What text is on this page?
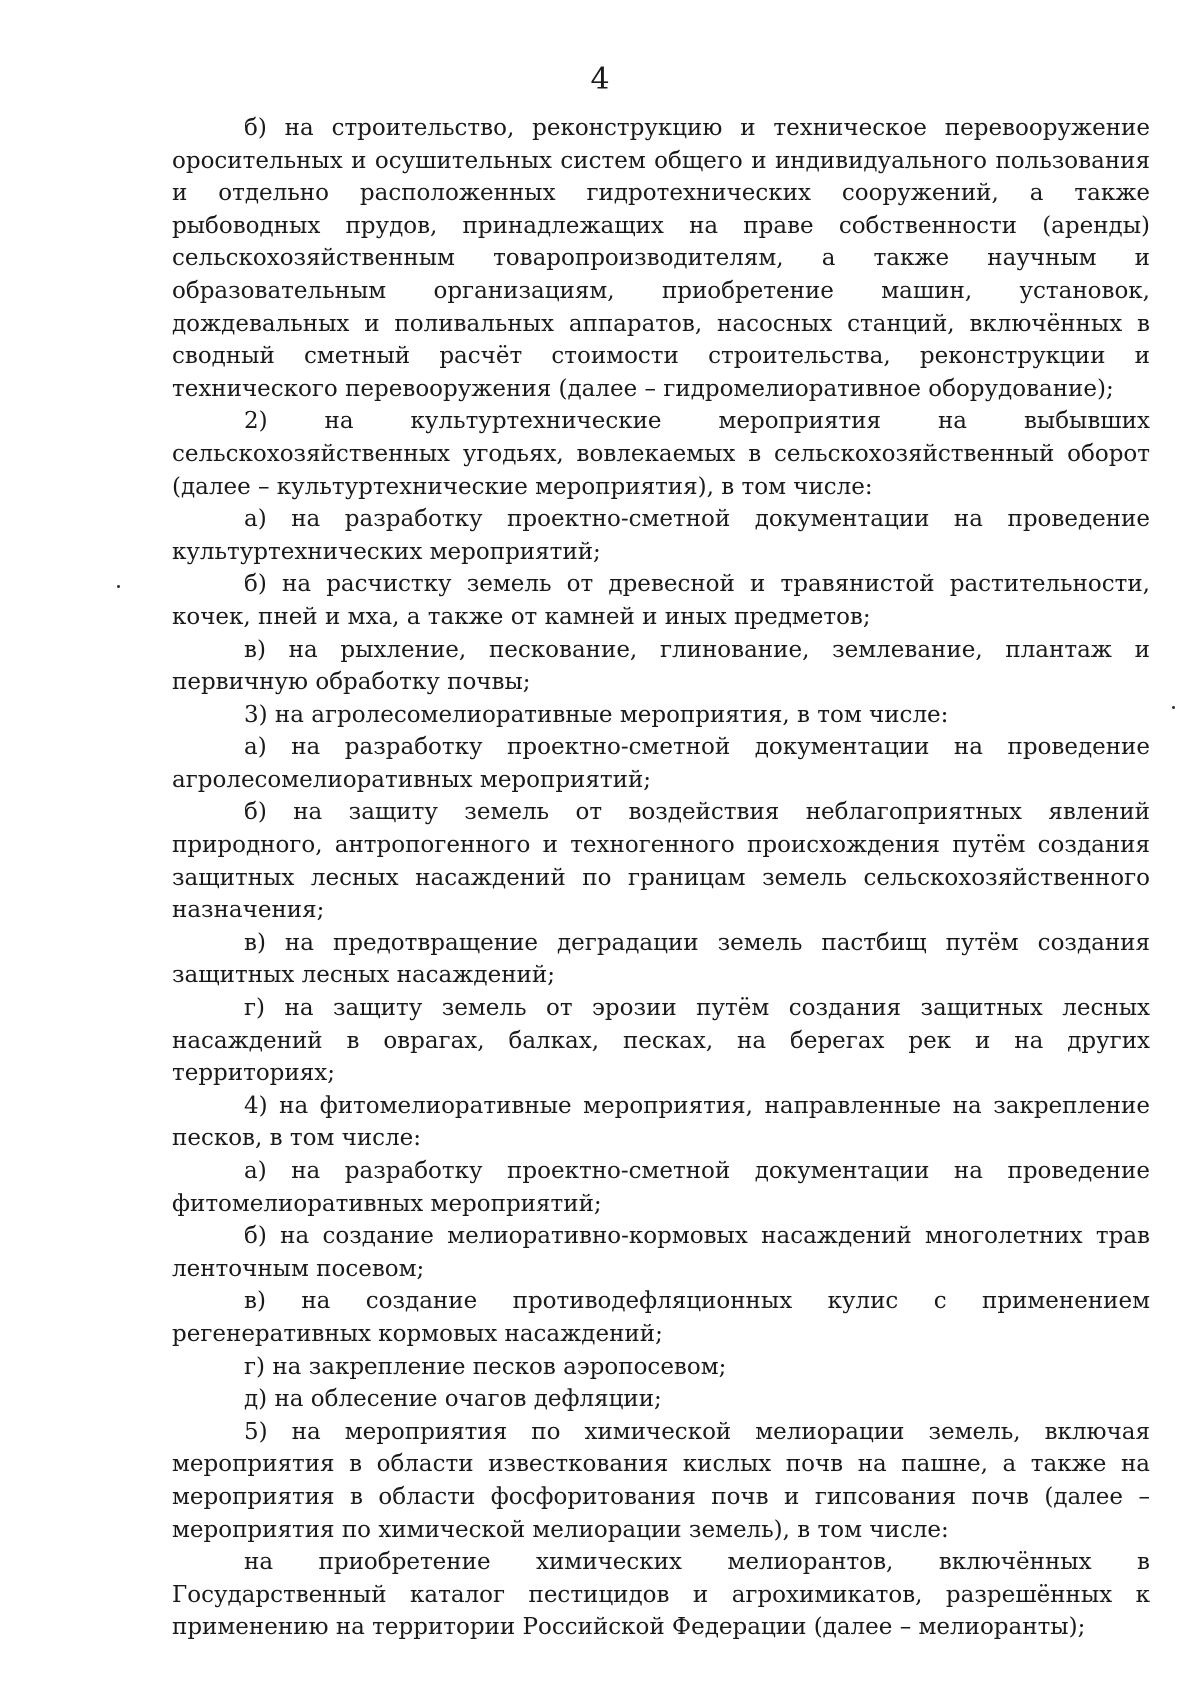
4

б) на строительство, реконструкцию и техническое перевооружение оросительных и осушительных систем общего и индивидуального пользования и отдельно расположенных гидротехнических сооружений, а также рыбоводных прудов, принадлежащих на праве собственности (аренды) сельскохозяйственным товаропроизводителям, а также научным и образовательным организациям, приобретение машин, установок, дождевальных и поливальных аппаратов, насосных станций, включённых в сводный сметный расчёт стоимости строительства, реконструкции и технического перевооружения (далее – гидромелиоративное оборудование);

2) на культуртехнические мероприятия на выбывших сельскохозяйственных угодьях, вовлекаемых в сельскохозяйственный оборот (далее – культуртехнические мероприятия), в том числе:

а) на разработку проектно-сметной документации на проведение культуртехнических мероприятий;

б) на расчистку земель от древесной и травянистой растительности, кочек, пней и мха, а также от камней и иных предметов;

в) на рыхление, пескование, глинование, землевание, плантаж и первичную обработку почвы;

3) на агролесомелиоративные мероприятия, в том числе:

а) на разработку проектно-сметной документации на проведение агролесомелиоративных мероприятий;

б) на защиту земель от воздействия неблагоприятных явлений природного, антропогенного и техногенного происхождения путём создания защитных лесных насаждений по границам земель сельскохозяйственного назначения;

в) на предотвращение деградации земель пастбищ путём создания защитных лесных насаждений;

г) на защиту земель от эрозии путём создания защитных лесных насаждений в оврагах, балках, песках, на берегах рек и на других территориях;

4) на фитомелиоративные мероприятия, направленные на закрепление песков, в том числе:

а) на разработку проектно-сметной документации на проведение фитомелиоративных мероприятий;

б) на создание мелиоративно-кормовых насаждений многолетних трав ленточным посевом;

в) на создание противодефляционных кулис с применением регенеративных кормовых насаждений;

г) на закрепление песков аэропосевом;

д) на облесение очагов дефляции;

5) на мероприятия по химической мелиорации земель, включая мероприятия в области известкования кислых почв на пашне, а также на мероприятия в области фосфоритования почв и гипсования почв (далее – мероприятия по химической мелиорации земель), в том числе:

на приобретение химических мелиорантов, включённых в Государственный каталог пестицидов и агрохимикатов, разрешённых к применению на территории Российской Федерации (далее – мелиоранты);
